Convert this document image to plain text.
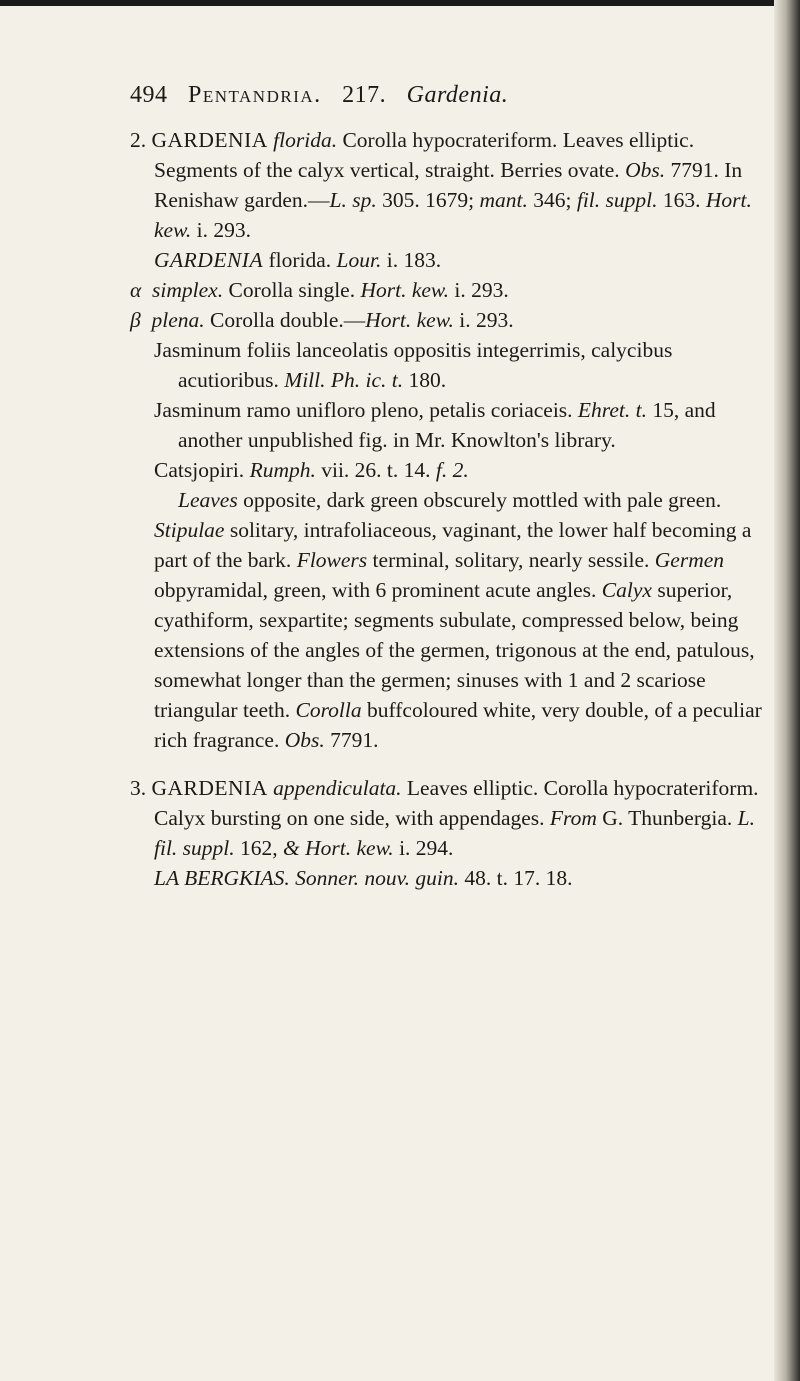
494 Pentandria. 217. Gardenia.

2. GARDENIA florida. Corolla hypocrateriform. Leaves elliptic. Segments of the calyx vertical, straight. Berries ovate. Obs. 7791. In Renishaw garden.—L. sp. 305. 1679; mant. 346; fil. suppl. 163. Hort. kew. i. 293.

GARDENIA florida. Lour. i. 183.

α simplex. Corolla single. Hort. kew. i. 293.

β plena. Corolla double.—Hort. kew. i. 293.

Jasminum foliis lanceolatis oppositis integerrimis, calycibus acutioribus. Mill. Ph. ic. t. 180.

Jasminum ramo unifloro pleno, petalis coriaceis. Ehret. t. 15, and another unpublished fig. in Mr. Knowlton's library.

Catsjopiri. Rumph. vii. 26. t. 14. f. 2.

Leaves opposite, dark green obscurely mottled with pale green. Stipulae solitary, intrafoliaceous, vaginant, the lower half becoming a part of the bark. Flowers terminal, solitary, nearly sessile. Germen obpyramidal, green, with 6 prominent acute angles. Calyx superior, cyathiform, sexpartite; segments subulate, compressed below, being extensions of the angles of the germen, trigonous at the end, patulous, somewhat longer than the germen; sinuses with 1 and 2 scariose triangular teeth. Corolla buffcoloured white, very double, of a peculiar rich fragrance. Obs. 7791.

3. GARDENIA appendiculata. Leaves elliptic. Corolla hypocrateriform. Calyx bursting on one side, with appendages. From G. Thunbergia. L. fil. suppl. 162, & Hort. kew. i. 294.

LA BERGKIAS. Sonner. nouv. guin. 48. t. 17. 18.
